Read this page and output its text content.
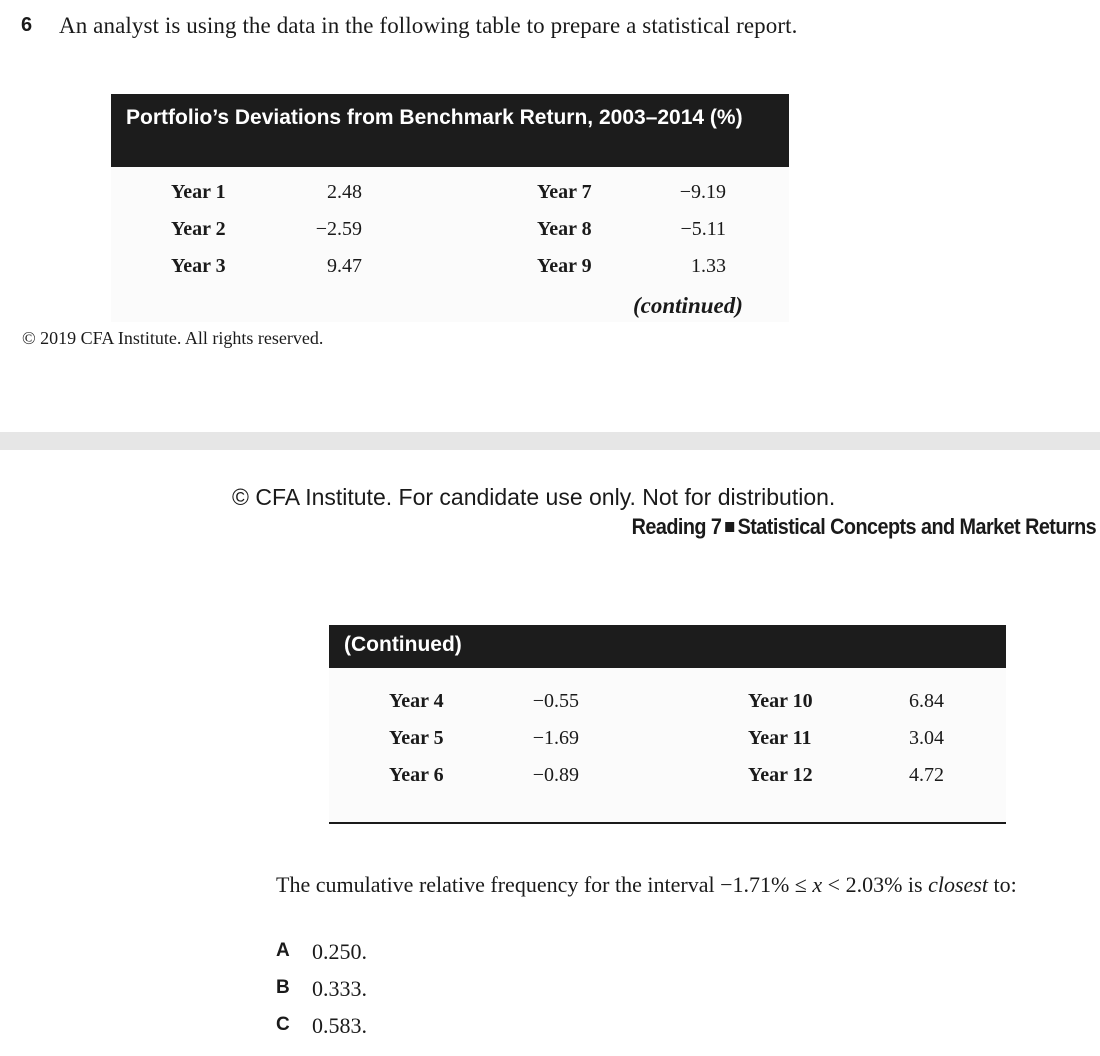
6 An analyst is using the data in the following table to prepare a statistical report.
Portfolio’s Deviations from Benchmark Return, 2003–2014 (%)
Year 1	2.48	Year 7	−9.19
Year 2	−2.59	Year 8	−5.11
Year 3	9.47	Year 9	1.33
(continued)
© 2019 CFA Institute. All rights reserved.
© CFA Institute. For candidate use only. Not for distribution.
Reading 7 Statistical Concepts and Market Returns
(Continued)
Year 4	−0.55	Year 10	6.84
Year 5	−1.69	Year 11	3.04
Year 6	−0.89	Year 12	4.72
The cumulative relative frequency for the interval −1.71% ≤ x < 2.03% is closest to:
A 0.250.
B 0.333.
C 0.583.
